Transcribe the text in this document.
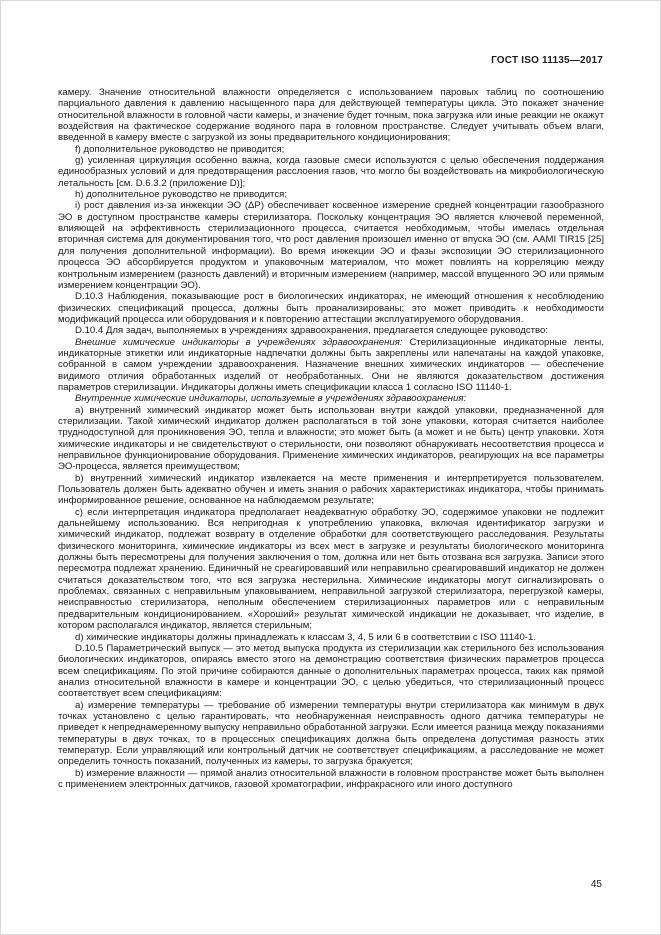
ГОСТ ISO 11135—2017

камеру. Значение относительной влажности определяется с использованием паровых таблиц по соотношению парциального давления к давлению насыщенного пара для действующей температуры цикла. Это покажет значение относительной влажности в головной части камеры, и значение будет точным, пока загрузка или иные реакции не окажут воздействия на фактическое содержание водяного пара в головном пространстве. Следует учитывать объем влаги, введенной в камеру вместе с загрузкой из зоны предварительного кондиционирования;

f) дополнительное руководство не приводится;

g) усиленная циркуляция особенно важна, когда газовые смеси используются с целью обеспечения поддержания единообразных условий и для предотвращения расслоения газов, что могло бы воздействовать на микробиологическую летальность [см. D.6.3.2 (приложение D)];

h) дополнительное руководство не приводится;

i) рост давления из-за инжекции ЭО (ΔP) обеспечивает косвенное измерение средней концентрации газообразного ЭО в доступном пространстве камеры стерилизатора. Поскольку концентрация ЭО является ключевой переменной, влияющей на эффективность стерилизационного процесса, считается необходимым, чтобы имелась отдельная вторичная система для документирования того, что рост давления произошел именно от впуска ЭО (см. AAMI TIR15 [25] для получения дополнительной информации). Во время инжекции ЭО и фазы экспозиции ЭО стерилизационного процесса ЭО абсорбируется продуктом и упаковочным материалом, что может повлиять на корреляцию между контрольным измерением (разность давлений) и вторичным измерением (например, массой впущенного ЭО или прямым измерением концентрации ЭО).

D.10.3 Наблюдения, показывающие рост в биологических индикаторах, не имеющий отношения к несоблюдению физических спецификаций процесса, должны быть проанализированы; это может приводить к необходимости модификаций процесса или оборудования и к повторению аттестации эксплуатируемого оборудования.

D.10.4 Для задач, выполняемых в учреждениях здравоохранения, предлагается следующее руководство:

Внешние химические индикаторы в учреждениях здравоохранения: Стерилизационные индикаторные ленты, индикаторные этикетки или индикаторные надпечатки должны быть закреплены или напечатаны на каждой упаковке, собранной в самом учреждении здравоохранения. Назначение внешних химических индикаторов — обеспечение видимого отличия обработанных изделий от необработанных. Они не являются доказательством достижения параметров стерилизации. Индикаторы должны иметь спецификации класса 1 согласно ISO 11140-1.

Внутренние химические индикаторы, используемые в учреждениях здравоохранения:

а) внутренний химический индикатор может быть использован внутри каждой упаковки, предназначенной для стерилизации. Такой химический индикатор должен располагаться в той зоне упаковки, которая считается наиболее труднодоступной для проникновения ЭО, тепла и влажности; это может быть (а может и не быть) центр упаковки. Хотя химические индикаторы и не свидетельствуют о стерильности, они позволяют обнаруживать несоответствия процесса и неправильное функционирование оборудования. Применение химических индикаторов, реагирующих на все параметры ЭО-процесса, является преимуществом;

b) внутренний химический индикатор извлекается на месте применения и интерпретируется пользователем. Пользователь должен быть адекватно обучен и иметь знания о рабочих характеристиках индикатора, чтобы принимать информированное решение, основанное на наблюдаемом результате;

c) если интерпретация индикатора предполагает неадекватную обработку ЭО, содержимое упаковки не подлежит дальнейшему использованию. Вся непригодная к употреблению упаковка, включая идентификатор загрузки и химический индикатор, подлежат возврату в отделение обработки для соответствующего расследования. Результаты физического мониторинга, химические индикаторы из всех мест в загрузке и результаты биологического мониторинга должны быть пересмотрены для получения заключения о том, должна или нет быть отозвана вся загрузка. Записи этого пересмотра подлежат хранению. Единичный не среагировавший или неправильно среагировавший индикатор не должен считаться доказательством того, что вся загрузка нестерильна. Химические индикаторы могут сигнализировать о проблемах, связанных с неправильным упаковыванием, неправильной загрузкой стерилизатора, перегрузкой камеры, неисправностью стерилизатора, неполным обеспечением стерилизационных параметров или с неправильным предварительным кондиционированием. «Хороший» результат химической индикации не доказывает, что изделие, в котором располагался индикатор, является стерильным;

d) химические индикаторы должны принадлежать к классам 3, 4, 5 или 6 в соответствии с ISO 11140-1.

D.10.5 Параметрический выпуск — это метод выпуска продукта из стерилизации как стерильного без использования биологических индикаторов, опираясь вместо этого на демонстрацию соответствия физических параметров процесса всем спецификациям. По этой причине собираются данные о дополнительных параметрах процесса, таких как прямой анализ относительной влажности в камере и концентрации ЭО, с целью убедиться, что стерилизационный процесс соответствует всем спецификациям:

a) измерение температуры — требование об измерении температуры внутри стерилизатора как минимум в двух точках установлено с целью гарантировать, что необнаруженная неисправность одного датчика температуры не приведет к непреднамеренному выпуску неправильно обработанной загрузки. Если имеется разница между показаниями температуры в двух точках, то в процессных спецификациях должна быть определена допустимая разность этих температур. Если управляющий или контрольный датчик не соответствует спецификациям, а расследование не может определить точность показаний, полученных из камеры, то загрузка бракуется;

b) измерение влажности — прямой анализ относительной влажности в головном пространстве может быть выполнен с применением электронных датчиков, газовой хроматографии, инфракрасного или иного доступного

45
